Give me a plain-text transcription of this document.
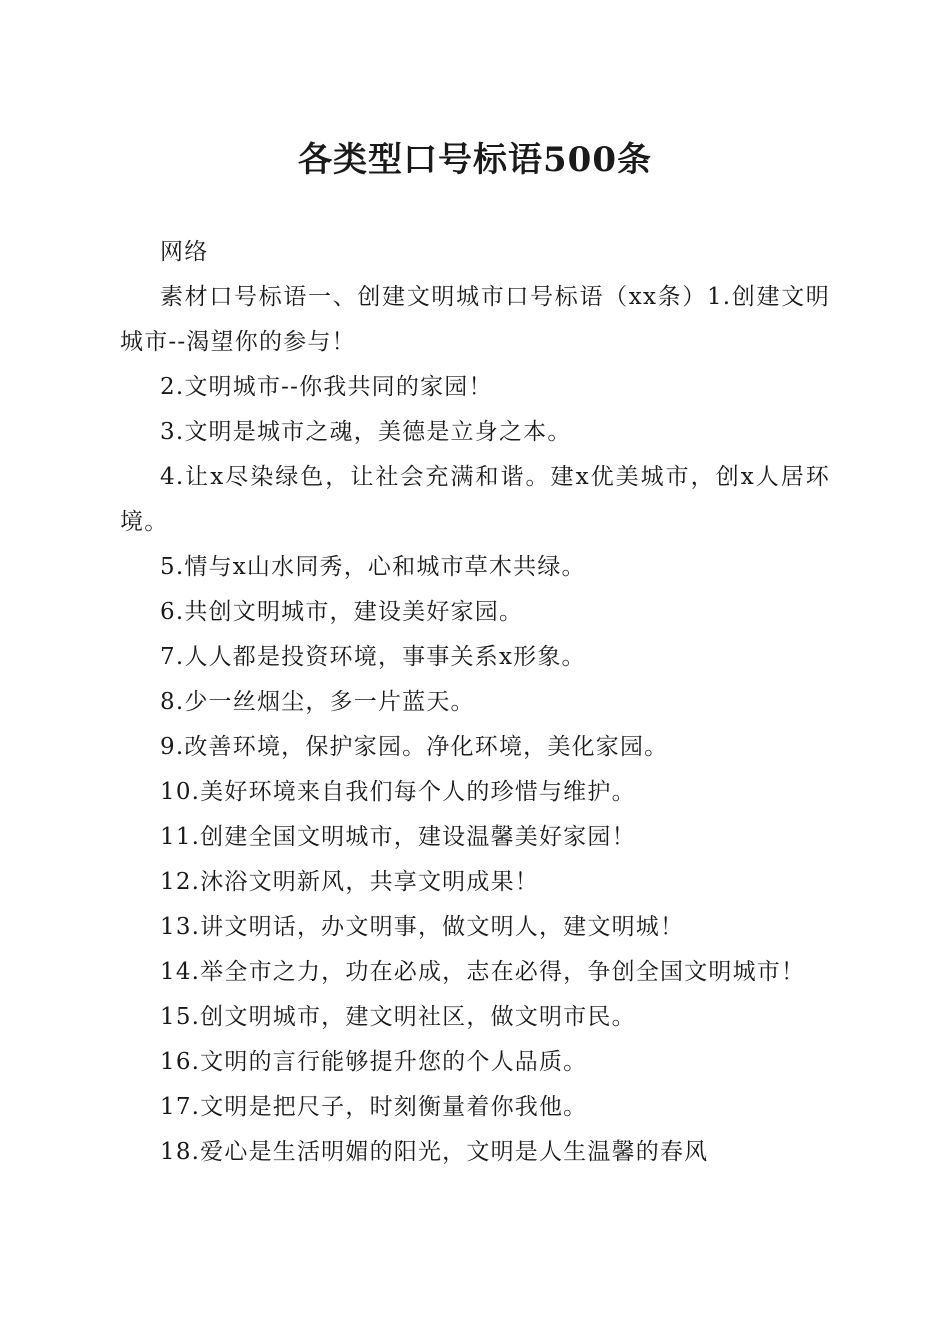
各类型口号标语500条

网络

素材口号标语一、创建文明城市口号标语（xx条）1.创建文明城市--渴望你的参与！

2.文明城市--你我共同的家园！

3.文明是城市之魂，美德是立身之本。

4.让x尽染绿色，让社会充满和谐。建x优美城市，创x人居环境。

5.情与x山水同秀，心和城市草木共绿。

6.共创文明城市，建设美好家园。

7.人人都是投资环境，事事关系x形象。

8.少一丝烟尘，多一片蓝天。

9.改善环境，保护家园。净化环境，美化家园。

10.美好环境来自我们每个人的珍惜与维护。

11.创建全国文明城市，建设温馨美好家园！

12.沐浴文明新风，共享文明成果！

13.讲文明话，办文明事，做文明人，建文明城！

14.举全市之力，功在必成，志在必得，争创全国文明城市！

15.创文明城市，建文明社区，做文明市民。

16.文明的言行能够提升您的个人品质。

17.文明是把尺子，时刻衡量着你我他。

18.爱心是生活明媚的阳光，文明是人生温馨的春风
